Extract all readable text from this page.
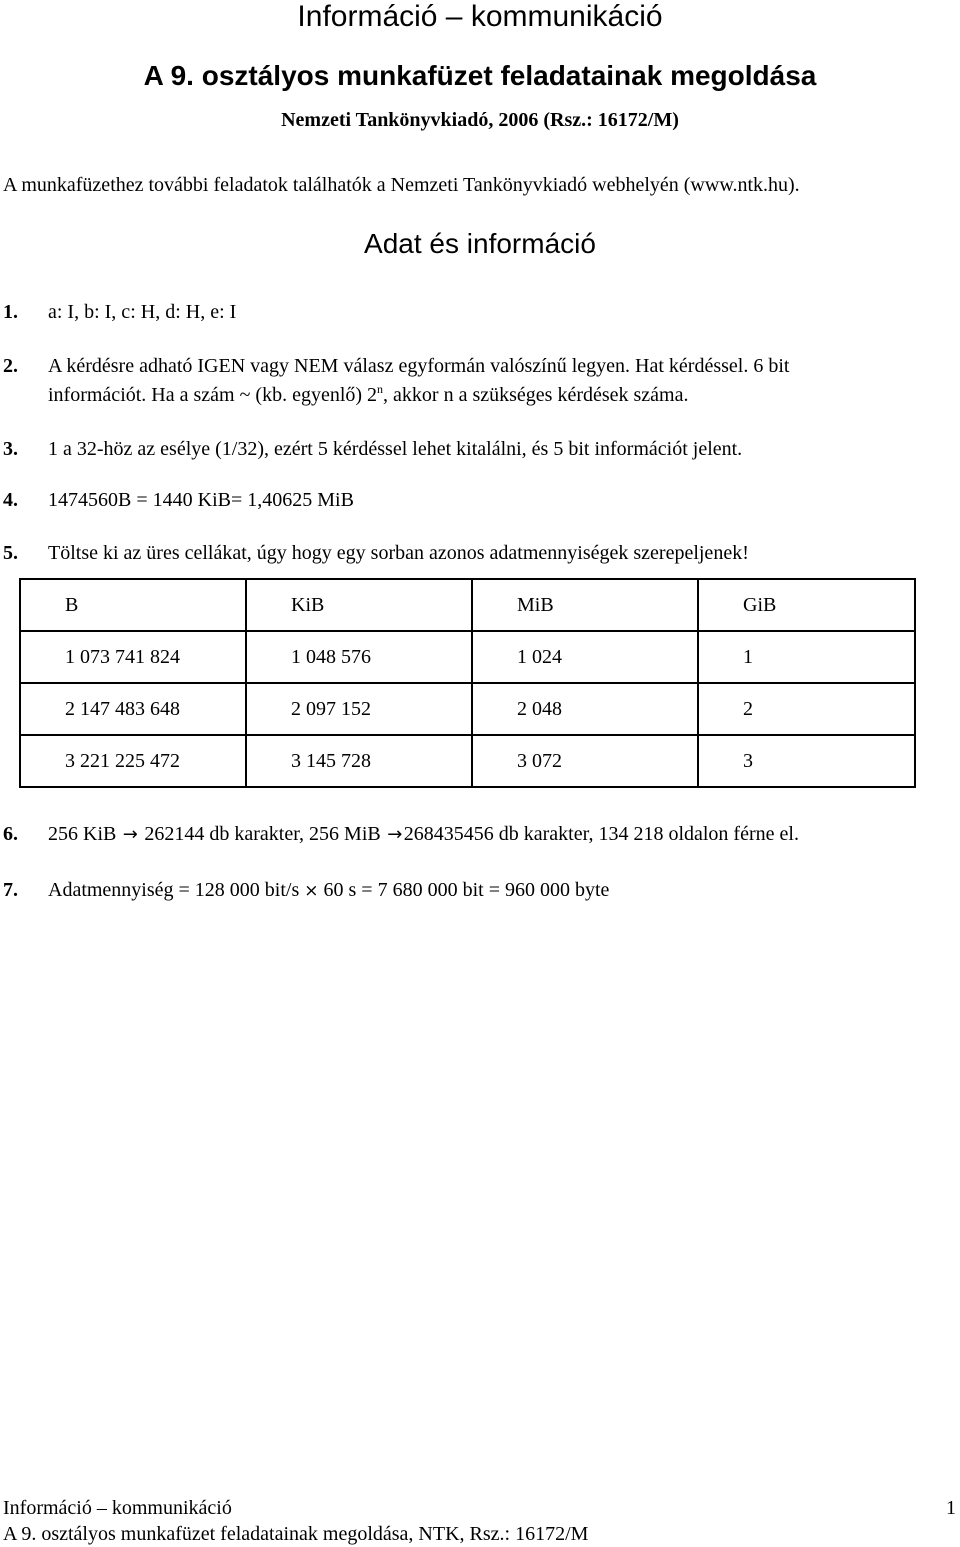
Információ – kommunikáció
A 9. osztályos munkafüzet feladatainak megoldása
Nemzeti Tankönyvkiadó, 2006 (Rsz.: 16172/M)
A munkafüzethez további feladatok találhatók a Nemzeti Tankönyvkiadó webhelyén (www.ntk.hu).
Adat és információ
1. a: I, b: I, c: H, d: H, e: I
2. A kérdésre adható IGEN vagy NEM válasz egyformán valószínű legyen. Hat kérdéssel. 6 bit
információt. Ha a szám ~ (kb. egyenlő) 2$^n$, akkor n a szükséges kérdések száma.
3. 1 a 32-höz az esélye (1/32), ezért 5 kérdéssel lehet kitalálni, és 5 bit információt jelent.
4. 1474560B = 1440 KiB= 1,40625 MiB
5. Töltse ki az üres cellákat, úgy hogy egy sorban azonos adatmennyiségek szerepeljenek!
B	KiB	MiB	GiB
1 073 741 824	1 048 576	1 024	1
2 147 483 648	2 097 152	2 048	2
3 221 225 472	3 145 728	3 072	3
6. 256 KiB → 262144 db karakter, 256 MiB →268435456 db karakter, 134 218 oldalon férne el.
7. Adatmennyiség = 128 000 bit/s × 60 s = 7 680 000 bit = 960 000 byte
Információ – kommunikáció	1
A 9. osztályos munkafüzet feladatainak megoldása, NTK, Rsz.: 16172/M
